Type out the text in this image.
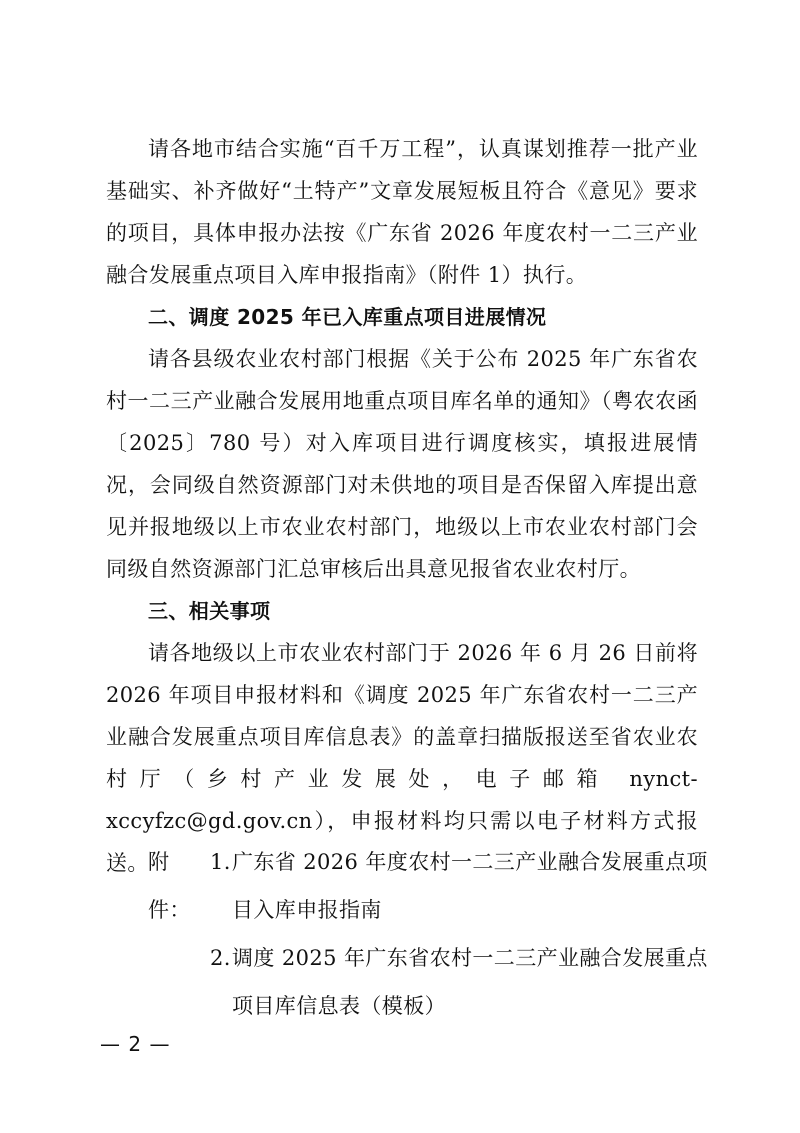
请各地市结合实施“百千万工程”，认真谋划推荐一批产业基础实、补齐做好“土特产”文章发展短板且符合《意见》要求的项目，具体申报办法按《广东省 2026 年度农村一二三产业融合发展重点项目入库申报指南》（附件 1）执行。

二、调度 2025 年已入库重点项目进展情况

请各县级农业农村部门根据《关于公布 2025 年广东省农村一二三产业融合发展用地重点项目库名单的通知》（粤农农函〔2025〕780 号）对入库项目进行调度核实，填报进展情况，会同级自然资源部门对未供地的项目是否保留入库提出意见并报地级以上市农业农村部门，地级以上市农业农村部门会同级自然资源部门汇总审核后出具意见报省农业农村厅。

三、相关事项

请各地级以上市农业农村部门于 2026 年 6 月 26 日前将 2026 年项目申报材料和《调度 2025 年广东省农村一二三产业融合发展重点项目库信息表》的盖章扫描版报送至省农业农村厅（乡村产业发展处，电子邮箱 nynct-xccyfzc@gd.gov.cn），申报材料均只需以电子材料方式报送。 附件：
1. 广东省 2026 年度农村一二三产业融合发展重点项目入库申报指南
2. 调度 2025 年广东省农村一二三产业融合发展重点项目库信息表（模板）
— 2 —
